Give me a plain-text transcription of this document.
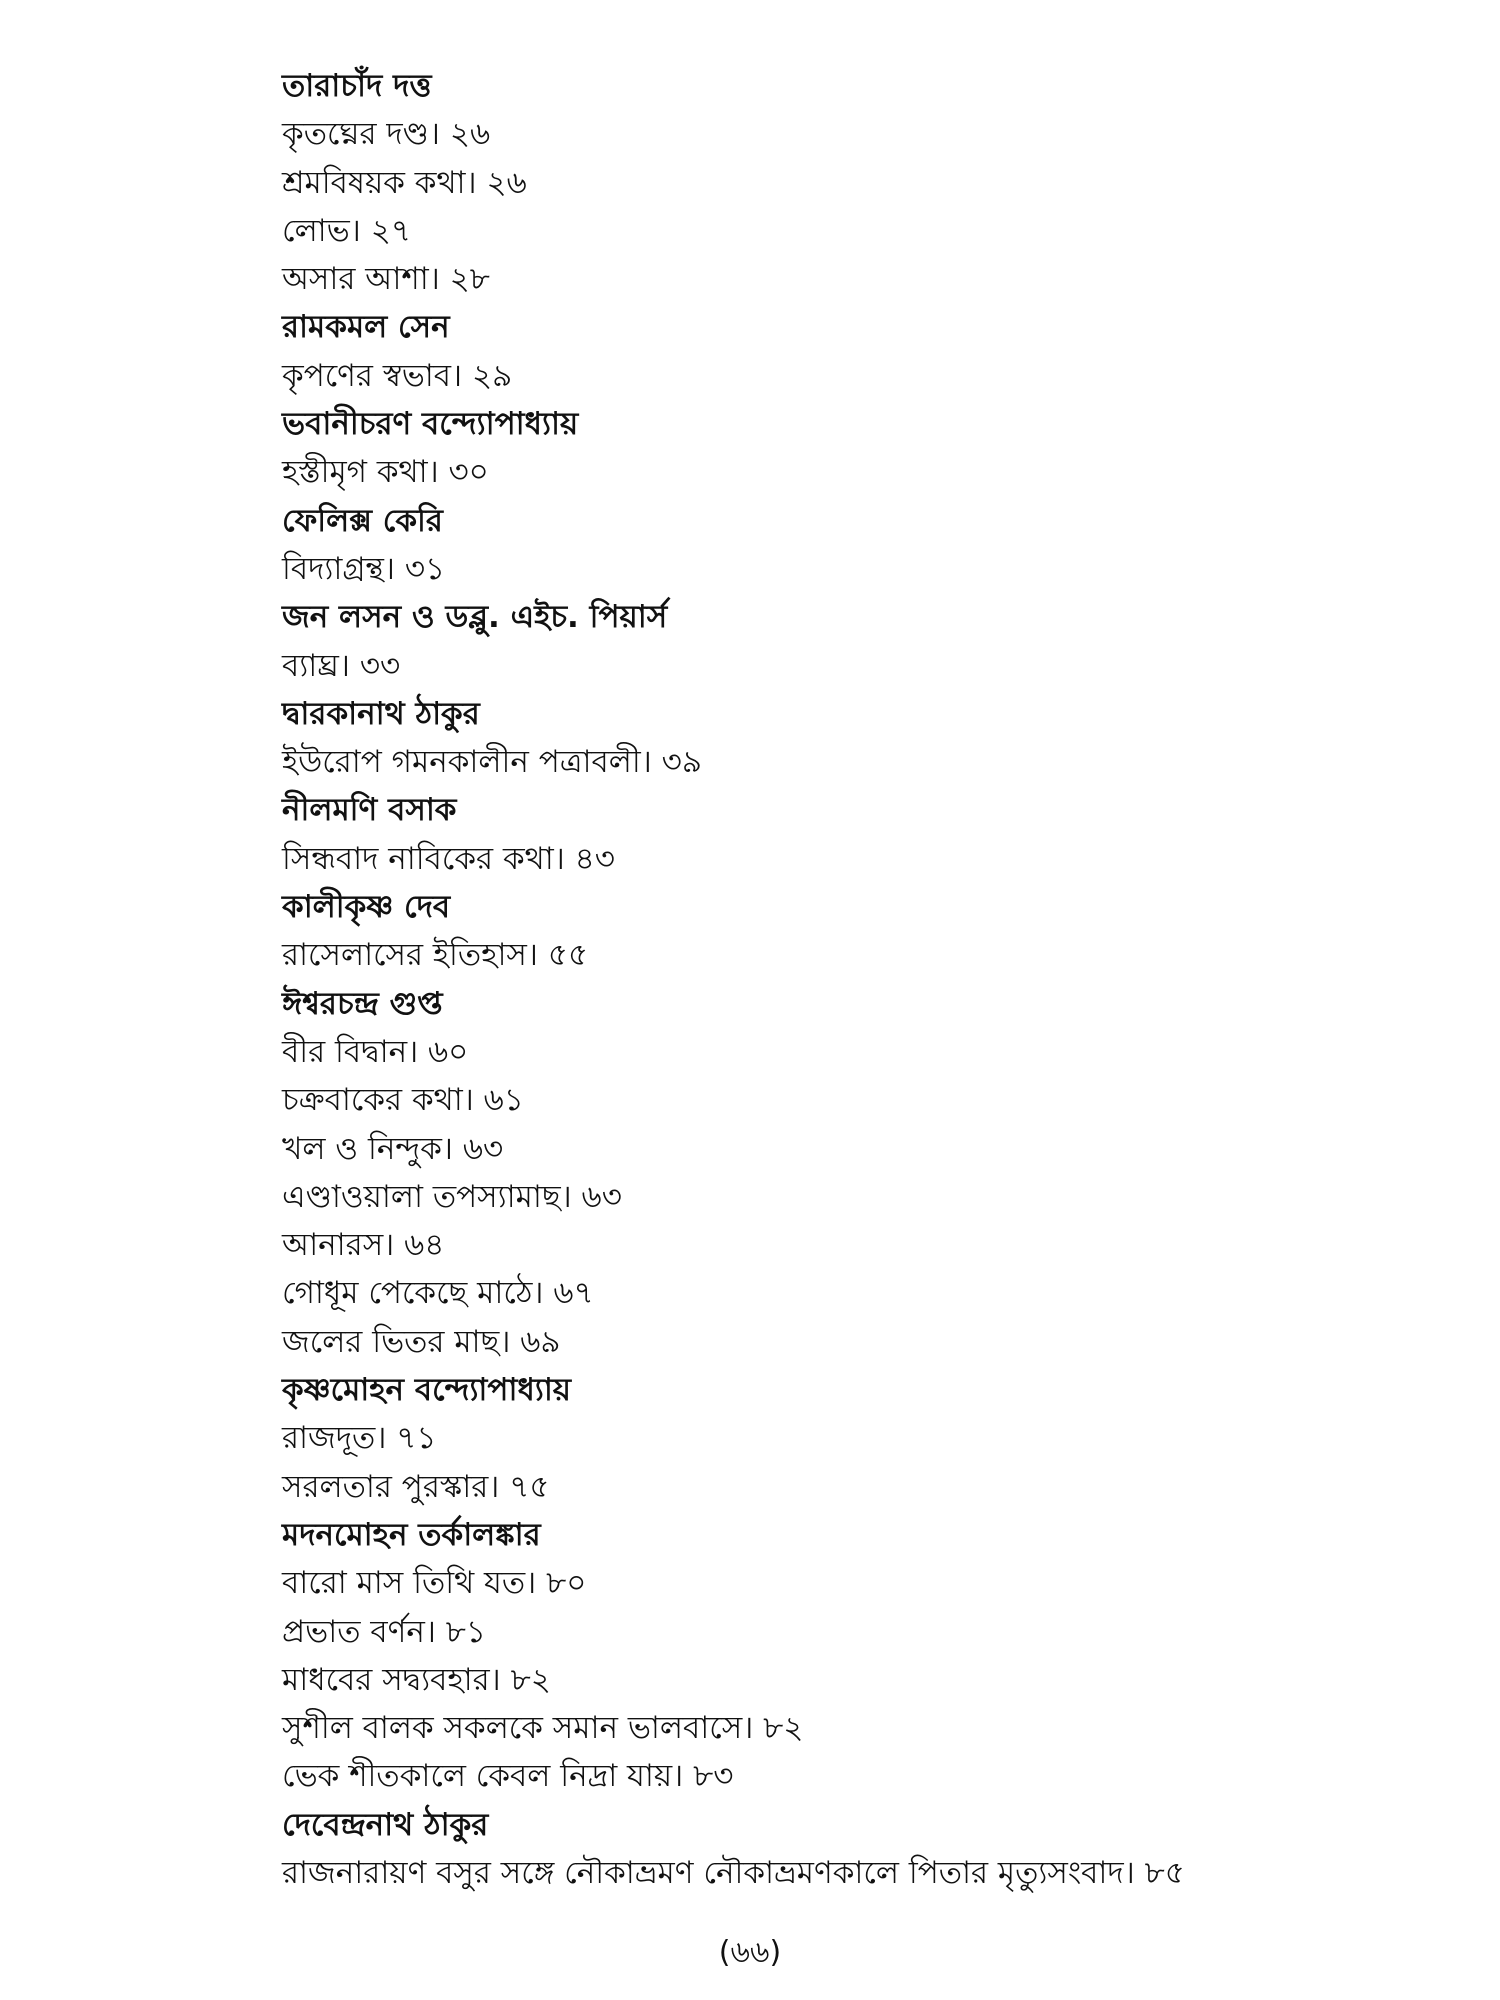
তারাচাঁদ দত্ত
কৃতঘ্নের দণ্ড। ২৬
শ্রমবিষয়ক কথা। ২৬
লোভ। ২৭
অসার আশা। ২৮
রামকমল সেন
কৃপণের স্বভাব। ২৯
ভবানীচরণ বন্দ্যোপাধ্যায়
হস্তীমৃগ কথা। ৩০
ফেলিক্স কেরি
বিদ্যাগ্রন্থ। ৩১
জন লসন ও ডব্লু. এইচ. পিয়ার্স
ব্যাঘ্র। ৩৩
দ্বারকানাথ ঠাকুর
ইউরোপ গমনকালীন পত্রাবলী। ৩৯
নীলমণি বসাক
সিন্ধবাদ নাবিকের কথা। ৪৩
কালীকৃষ্ণ দেব
রাসেলাসের ইতিহাস। ৫৫
ঈশ্বরচন্দ্র গুপ্ত
বীর বিদ্বান। ৬০
চক্রবাকের কথা। ৬১
খল ও নিন্দুক। ৬৩
এণ্ডাওয়ালা তপস্যামাছ। ৬৩
আনারস। ৬৪
গোধূম পেকেছে মাঠে। ৬৭
জলের ভিতর মাছ। ৬৯
কৃষ্ণমোহন বন্দ্যোপাধ্যায়
রাজদূত। ৭১
সরলতার পুরস্কার। ৭৫
মদনমোহন তর্কালঙ্কার
বারো মাস তিথি যত। ৮০
প্রভাত বর্ণন। ৮১
মাধবের সদ্ব্যবহার। ৮২
সুশীল বালক সকলকে সমান ভালবাসে। ৮২
ভেক শীতকালে কেবল নিদ্রা যায়। ৮৩
দেবেন্দ্রনাথ ঠাকুর
রাজনারায়ণ বসুর সঙ্গে নৌকাভ্রমণ নৌকাভ্রমণকালে পিতার মৃত্যুসংবাদ। ৮৫
(৬৬)
